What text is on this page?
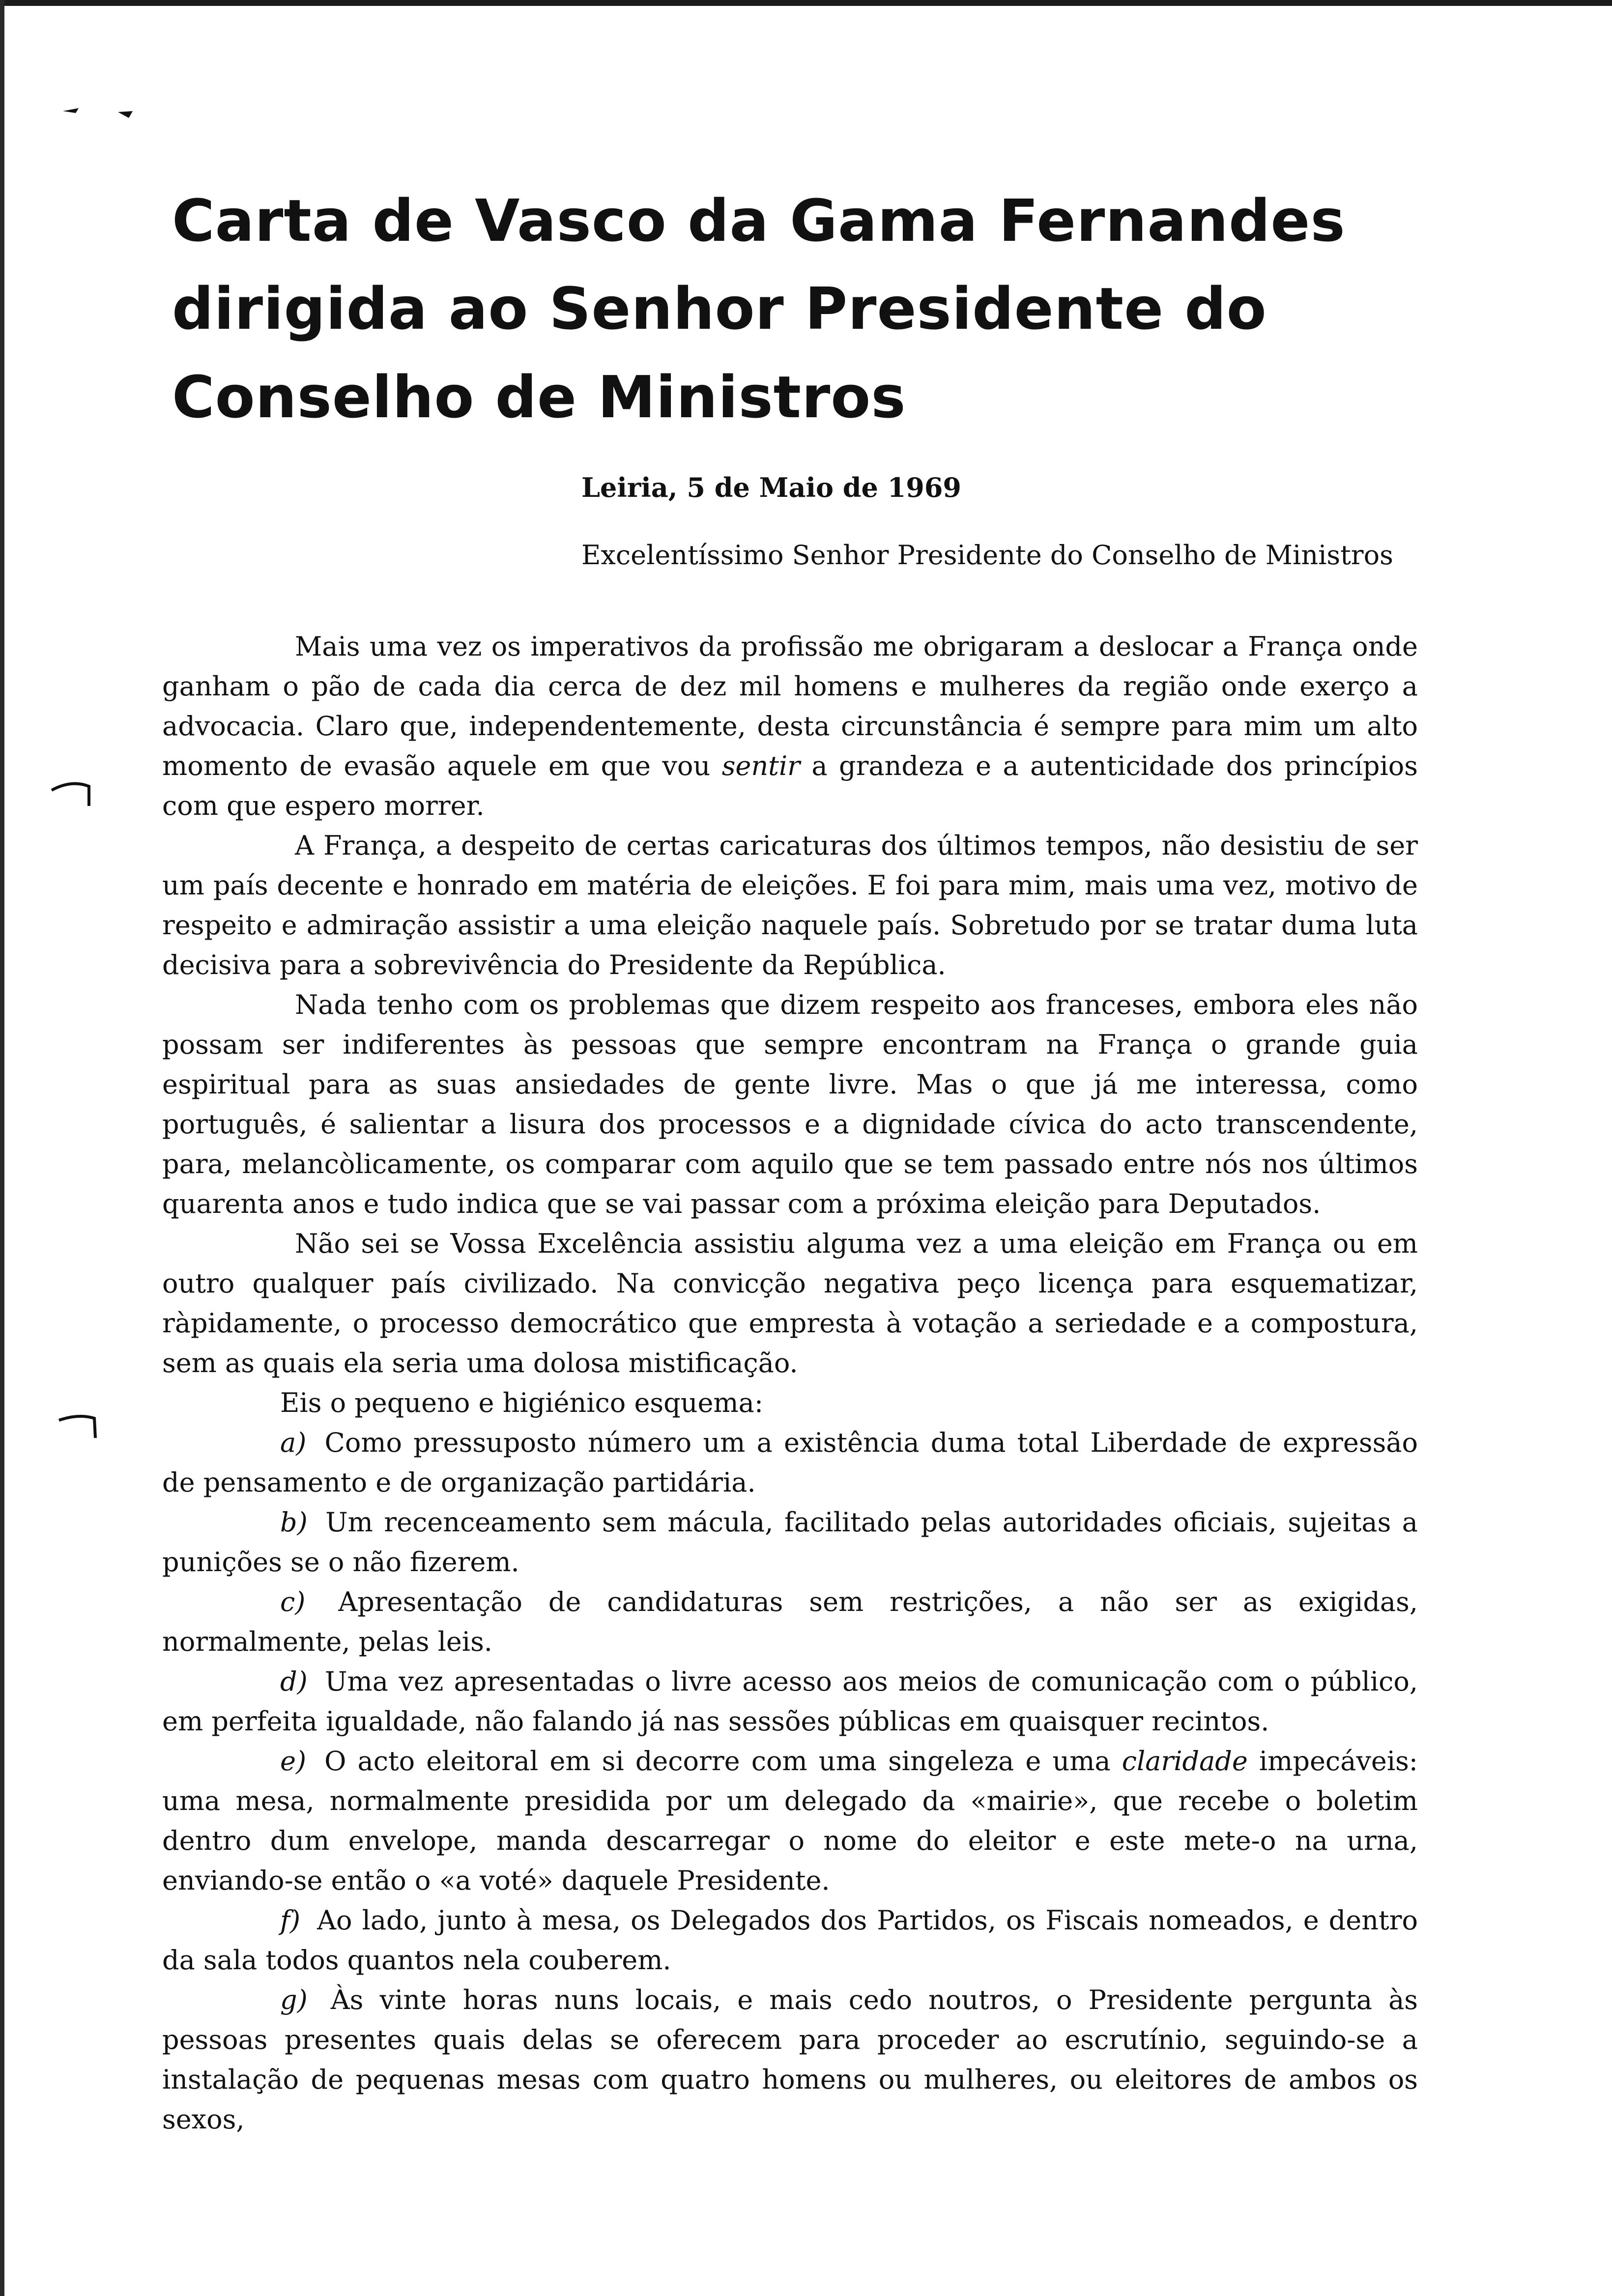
Carta de Vasco da Gama Fernandes dirigida ao Senhor Presidente do Conselho de Ministros

Leiria, 5 de Maio de 1969

Excelentíssimo Senhor Presidente do Conselho de Ministros

Mais uma vez os imperativos da profissão me obrigaram a deslocar a França onde ganham o pão de cada dia cerca de dez mil homens e mulheres da região onde exerço a advocacia. Claro que, independentemente, desta circunstância é sempre para mim um alto momento de evasão aquele em que vou sentir a grandeza e a autenticidade dos princípios com que espero morrer.

A França, a despeito de certas caricaturas dos últimos tempos, não desistiu de ser um país decente e honrado em matéria de eleições. E foi para mim, mais uma vez, motivo de respeito e admiração assistir a uma eleição naquele país. Sobretudo por se tratar duma luta decisiva para a sobrevivência do Presidente da República.

Nada tenho com os problemas que dizem respeito aos franceses, embora eles não possam ser indiferentes às pessoas que sempre encontram na França o grande guia espiritual para as suas ansiedades de gente livre. Mas o que já me interessa, como português, é salientar a lisura dos processos e a dignidade cívica do acto transcendente, para, melancòlicamente, os comparar com aquilo que se tem passado entre nós nos últimos quarenta anos e tudo indica que se vai passar com a próxima eleição para Deputados.

Não sei se Vossa Excelência assistiu alguma vez a uma eleição em França ou em outro qualquer país civilizado. Na convicção negativa peço licença para esquematizar, ràpidamente, o processo democrático que empresta à votação a seriedade e a compostura, sem as quais ela seria uma dolosa mistificação.

Eis o pequeno e higiénico esquema:

a) Como pressuposto número um a existência duma total Liberdade de expressão de pensamento e de organização partidária.

b) Um recenceamento sem mácula, facilitado pelas autoridades oficiais, sujeitas a punições se o não fizerem.

c) Apresentação de candidaturas sem restrições, a não ser as exigidas, normalmente, pelas leis.

d) Uma vez apresentadas o livre acesso aos meios de comunicação com o público, em perfeita igualdade, não falando já nas sessões públicas em quaisquer recintos.

e) O acto eleitoral em si decorre com uma singeleza e uma claridade impecáveis: uma mesa, normalmente presidida por um delegado da «mairie», que recebe o boletim dentro dum envelope, manda descarregar o nome do eleitor e este mete-o na urna, enviando-se então o «a voté» daquele Presidente.

f) Ao lado, junto à mesa, os Delegados dos Partidos, os Fiscais nomeados, e dentro da sala todos quantos nela couberem.

g) Às vinte horas nuns locais, e mais cedo noutros, o Presidente pergunta às pessoas presentes quais delas se oferecem para proceder ao escrutínio, seguindo-se a instalação de pequenas mesas com quatro homens ou mulheres, ou eleitores de ambos os sexos,
